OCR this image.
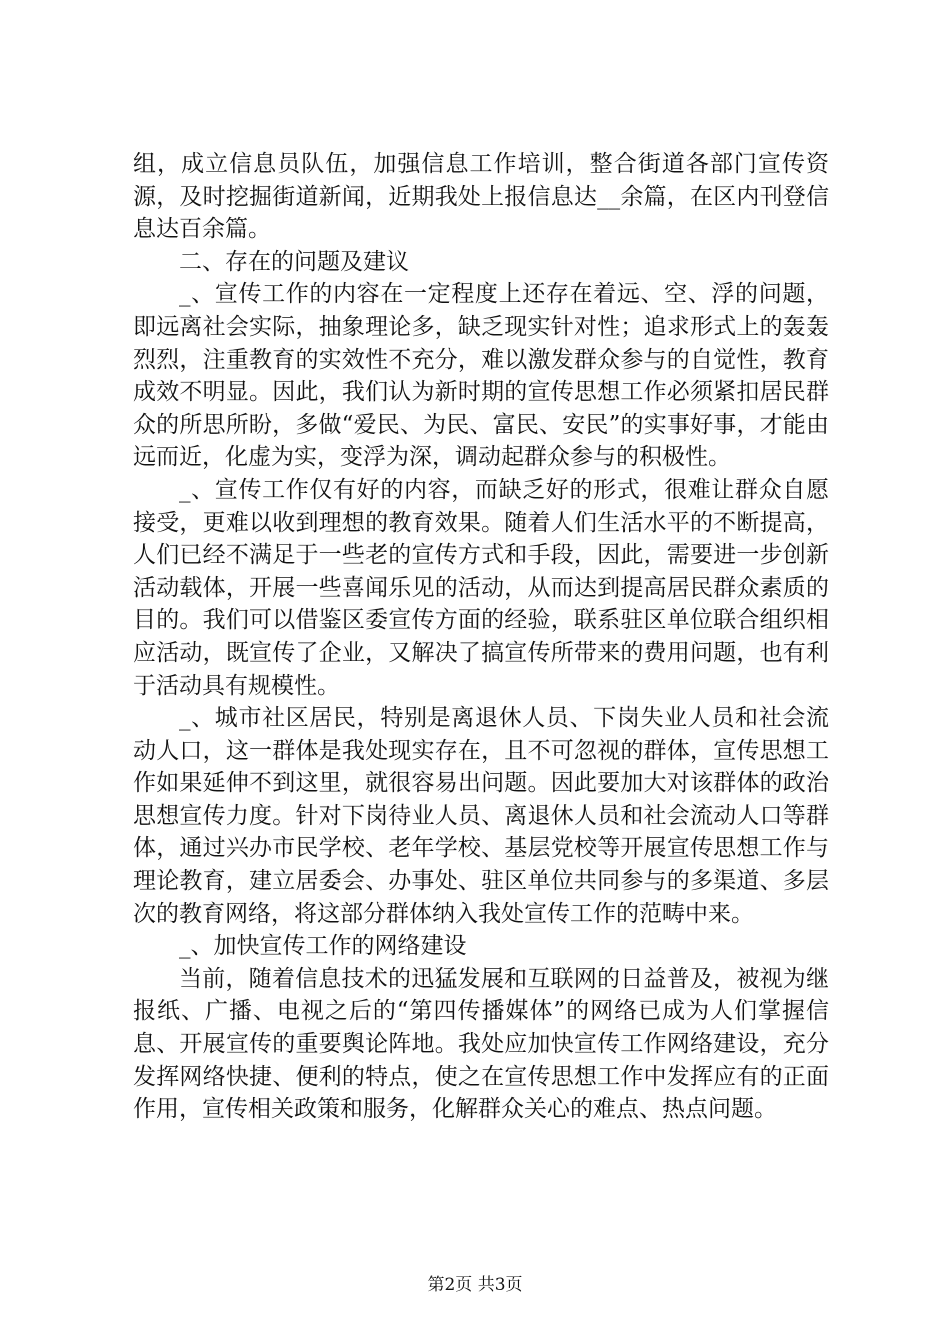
组，成立信息员队伍，加强信息工作培训，整合街道各部门宣传资源，及时挖掘街道新闻，近期我处上报信息达__余篇，在区内刊登信息达百余篇。

二、存在的问题及建议

_、宣传工作的内容在一定程度上还存在着远、空、浮的问题，即远离社会实际，抽象理论多，缺乏现实针对性；追求形式上的轰轰烈烈，注重教育的实效性不充分，难以激发群众参与的自觉性，教育成效不明显。因此，我们认为新时期的宣传思想工作必须紧扣居民群众的所思所盼，多做“爱民、为民、富民、安民”的实事好事，才能由远而近，化虚为实，变浮为深，调动起群众参与的积极性。

_、宣传工作仅有好的内容，而缺乏好的形式，很难让群众自愿接受，更难以收到理想的教育效果。随着人们生活水平的不断提高，人们已经不满足于一些老的宣传方式和手段，因此，需要进一步创新活动载体，开展一些喜闻乐见的活动，从而达到提高居民群众素质的目的。我们可以借鉴区委宣传方面的经验，联系驻区单位联合组织相应活动，既宣传了企业，又解决了搞宣传所带来的费用问题，也有利于活动具有规模性。

_、城市社区居民，特别是离退休人员、下岗失业人员和社会流动人口，这一群体是我处现实存在，且不可忽视的群体，宣传思想工作如果延伸不到这里，就很容易出问题。因此要加大对该群体的政治思想宣传力度。针对下岗待业人员、离退休人员和社会流动人口等群体，通过兴办市民学校、老年学校、基层党校等开展宣传思想工作与理论教育，建立居委会、办事处、驻区单位共同参与的多渠道、多层次的教育网络，将这部分群体纳入我处宣传工作的范畴中来。

_、加快宣传工作的网络建设

当前，随着信息技术的迅猛发展和互联网的日益普及，被视为继报纸、广播、电视之后的“第四传播媒体”的网络已成为人们掌握信息、开展宣传的重要舆论阵地。我处应加快宣传工作网络建设，充分发挥网络快捷、便利的特点，使之在宣传思想工作中发挥应有的正面作用，宣传相关政策和服务，化解群众关心的难点、热点问题。

第2页 共3页
